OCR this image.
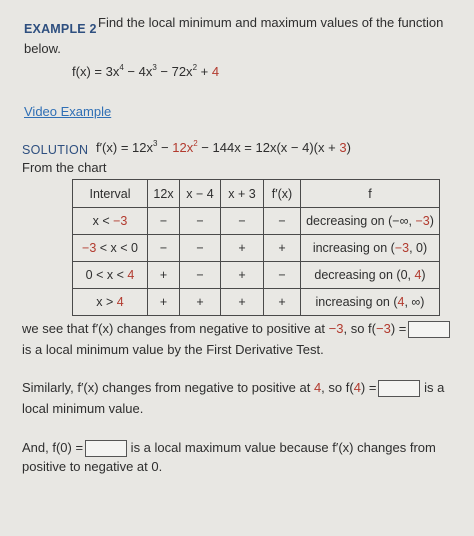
EXAMPLE 2 Find the local minimum and maximum values of the function
below.
$f(x) = 3x^4 - 4x^3 - 72x^2 + 4$
Video Example
SOLUTION $f'(x) = 12x^3 - 12x^2 - 144x = 12x(x - 4)(x + 3)$
From the chart
Interval	12x	x − 4	x + 3	f′(x)	f
x < −3	−	−	−	−	decreasing on (−∞, −3)
−3 < x < 0	−	−	+	+	increasing on (−3, 0)
0 < x < 4	+	−	+	−	decreasing on (0, 4)
x > 4	+	+	+	+	increasing on (4, ∞)
we see that f′(x) changes from negative to positive at −3, so f(−3) =
is a local minimum value by the First Derivative Test.
Similarly, f′(x) changes from negative to positive at 4, so f(4) =	is a
local minimum value.
And, f(0) =	is a local maximum value because f′(x) changes from
positive to negative at 0.
